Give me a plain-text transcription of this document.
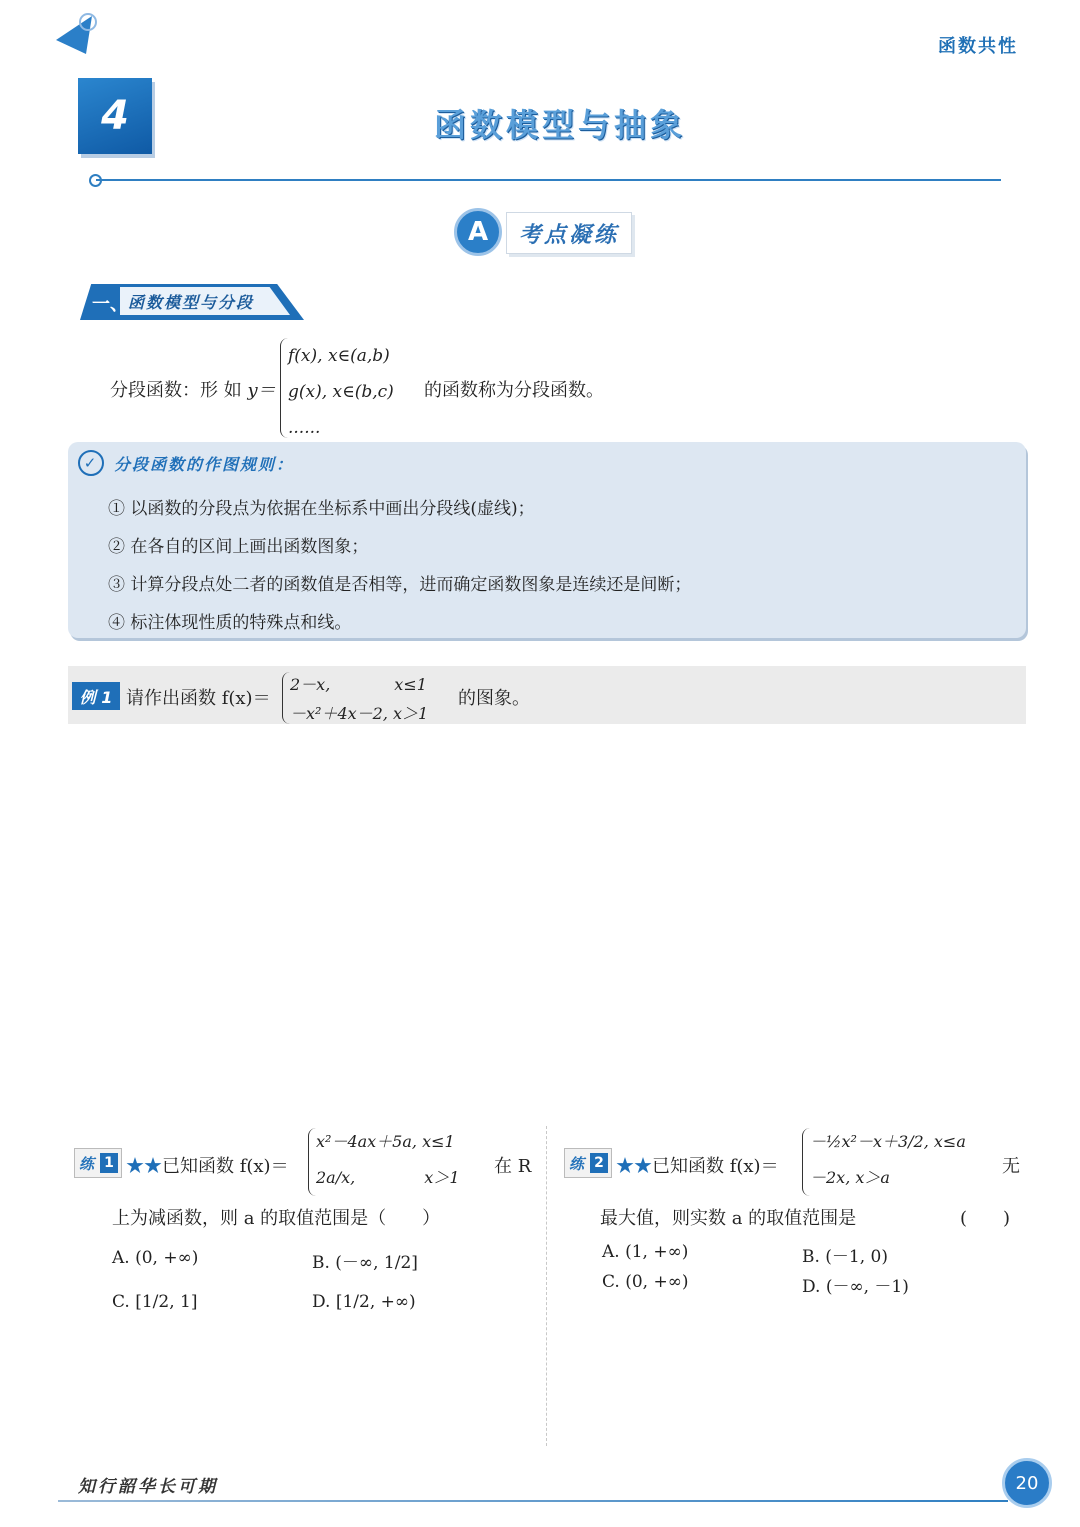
函数共性
4	函数模型与抽象
A	考点凝练
一、 函数模型与分段
分段函数：形 如 y＝
f(x), x∈(a,b)
g(x), x∈(b,c)
......
的函数称为分段函数。
✓ 分段函数的作图规则：
① 以函数的分段点为依据在坐标系中画出分段线(虚线)；
② 在各自的区间上画出函数图象；
③ 计算分段点处二者的函数值是否相等，进而确定函数图象是连续还是间断；
④ 标注体现性质的特殊点和线。
例 1 请作出函数 f(x)＝
2－x,　　　　x≤1
－x²＋4x－2, x＞1
的图象。
练 1 ★★已知函数 f(x)＝
x²－4ax＋5a, x≤1
2a/x,　　　　 x＞1
在 R
上为减函数，则 a 的取值范围是（　　）
A. (0, +∞)	B. (－∞, 1/2]
C. [1/2, 1]	D. [1/2, +∞)
练 2 ★★已知函数 f(x)＝
－½x²－x＋3/2, x≤a
－2x, x＞a
无
最大值，则实数 a 的取值范围是	(　　)
A. (1, +∞)	B. (－1, 0)
C. (0, +∞)	D. (－∞, －1)
知行韶华长可期	20
